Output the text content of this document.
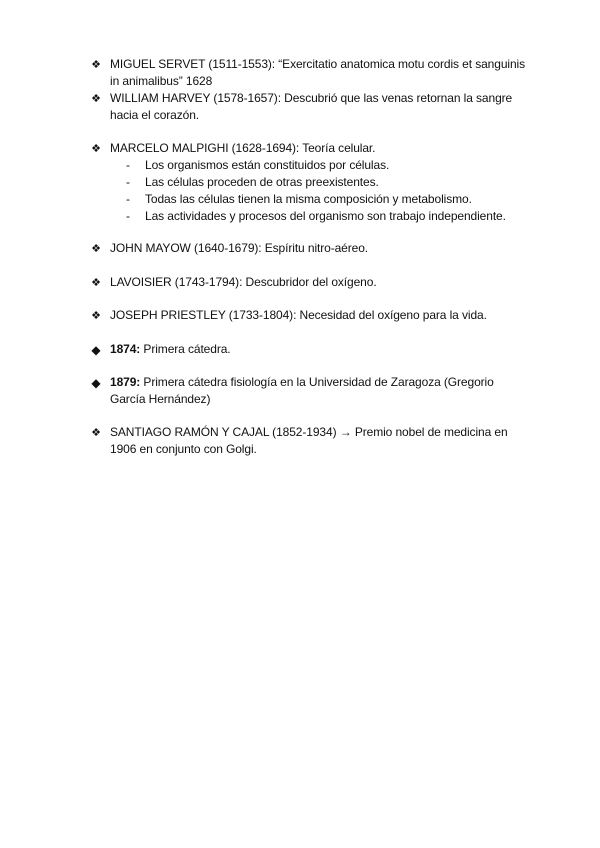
❖ MIGUEL SERVET (1511-1553): “Exercitatio anatomica motu cordis et sanguinis in animalibus” 1628
❖ WILLIAM HARVEY (1578-1657): Descubrió que las venas retornan la sangre hacia el corazón.
❖ MARCELO MALPIGHI (1628-1694): Teoría celular.
- Los organismos están constituidos por células.
- Las células proceden de otras preexistentes.
- Todas las células tienen la misma composición y metabolismo.
- Las actividades y procesos del organismo son trabajo independiente.
❖ JOHN MAYOW (1640-1679): Espíritu nitro-aéreo.
❖ LAVOISIER (1743-1794): Descubridor del oxígeno.
❖ JOSEPH PRIESTLEY (1733-1804): Necesidad del oxígeno para la vida.
◆ 1874: Primera cátedra.
◆ 1879: Primera cátedra fisiología en la Universidad de Zaragoza (Gregorio García Hernández)
❖ SANTIAGO RAMÓN Y CAJAL (1852-1934) → Premio nobel de medicina en 1906 en conjunto con Golgi.
